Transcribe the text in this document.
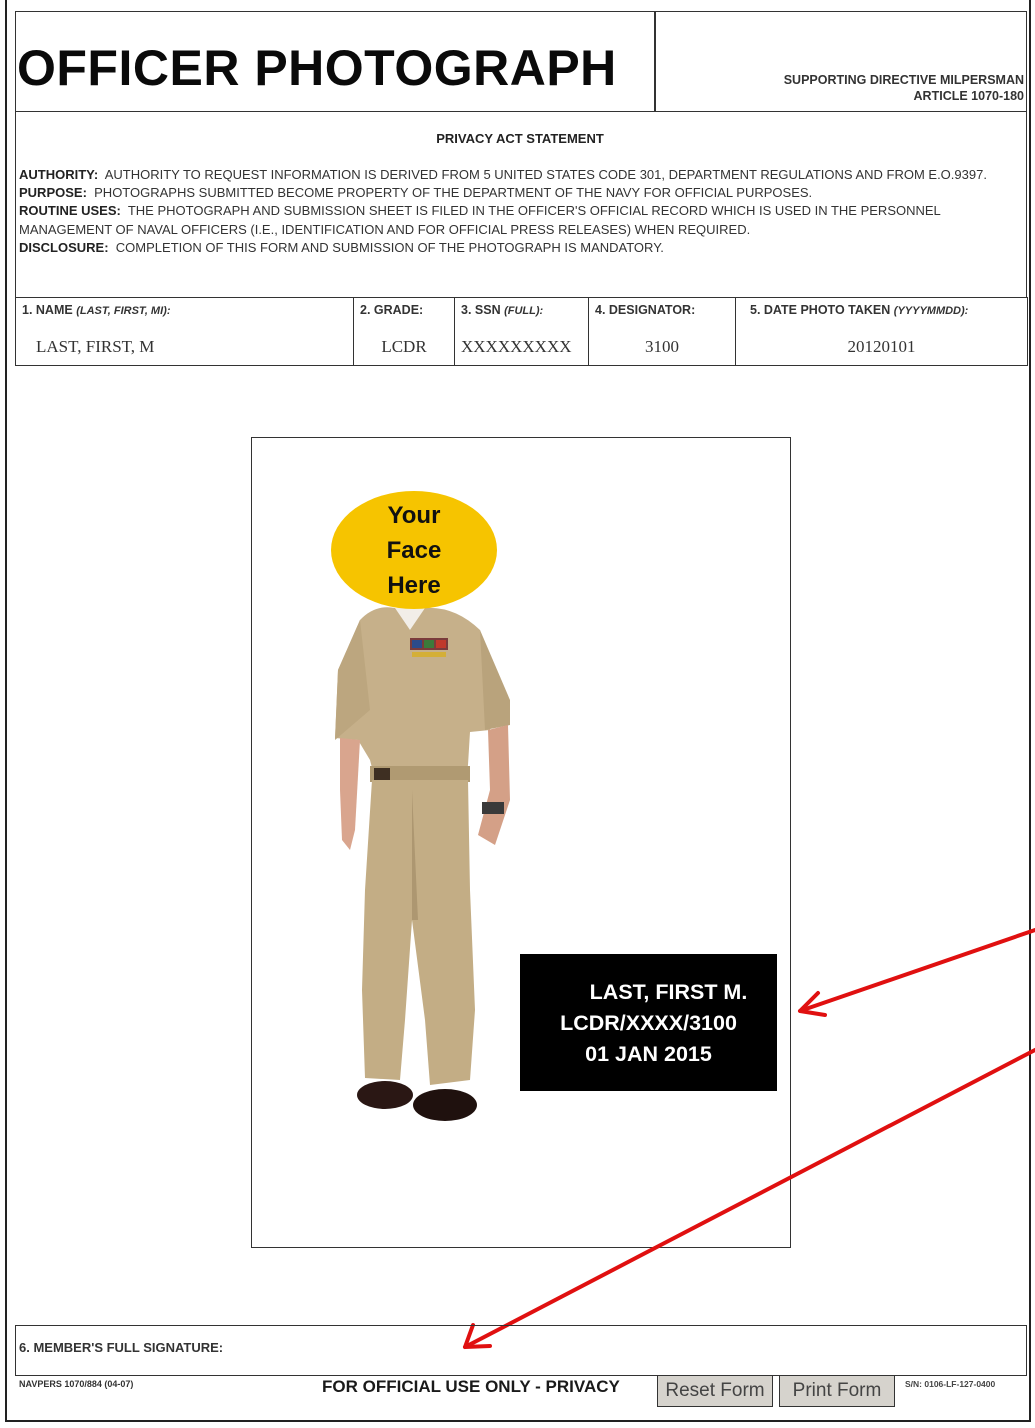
OFFICER PHOTOGRAPH	SUPPORTING DIRECTIVE MILPERSMAN
ARTICLE 1070-180
PRIVACY ACT STATEMENT
AUTHORITY: AUTHORITY TO REQUEST INFORMATION IS DERIVED FROM 5 UNITED STATES CODE 301, DEPARTMENT REGULATIONS AND FROM E.O.9397.
PURPOSE: PHOTOGRAPHS SUBMITTED BECOME PROPERTY OF THE DEPARTMENT OF THE NAVY FOR OFFICIAL PURPOSES.
ROUTINE USES: THE PHOTOGRAPH AND SUBMISSION SHEET IS FILED IN THE OFFICER'S OFFICIAL RECORD WHICH IS USED IN THE PERSONNEL MANAGEMENT OF NAVAL OFFICERS (I.E., IDENTIFICATION AND FOR OFFICIAL PRESS RELEASES) WHEN REQUIRED.
DISCLOSURE: COMPLETION OF THIS FORM AND SUBMISSION OF THE PHOTOGRAPH IS MANDATORY.
1. NAME (LAST, FIRST, MI):
LAST, FIRST, M

2. GRADE:
LCDR

3. SSN (FULL):
XXXXXXXXX

4. DESIGNATOR:
3100

5. DATE PHOTO TAKEN (YYYYMMDD):
20120101
Your
Face
Here
LAST, FIRST M.
LCDR/XXXX/3100
01 JAN 2015
6. MEMBER'S FULL SIGNATURE:
NAVPERS 1070/884 (04-07)	FOR OFFICIAL USE ONLY - PRIVACY	Reset Form	Print Form	S/N: 0106-LF-127-0400
